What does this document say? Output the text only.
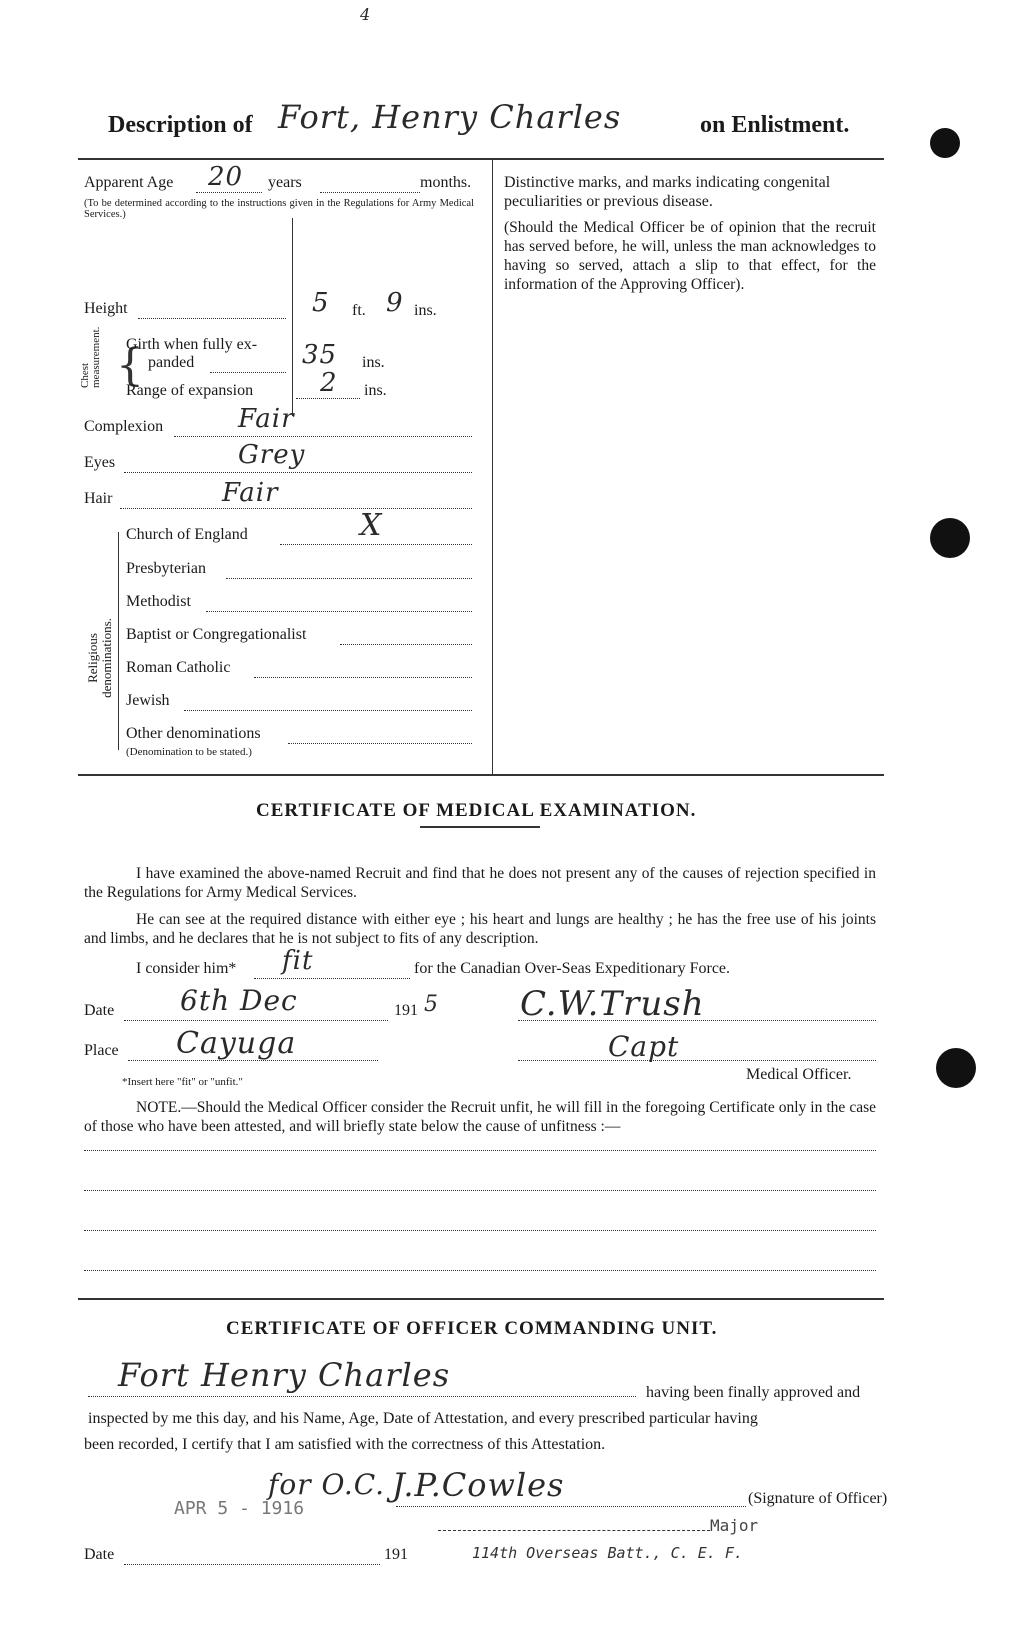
4
Description of Fort, Henry Charles	on Enlistment.
Apparent Age 20 years	months.
(To be determined according to the instructions given in the Regulations for Army Medical Services.)
Height	5 ft. 9 ins.
Chest measurement. {
Girth when fully ex-
panded	35 ins.
Range of expansion	2 ins.
Complexion	Fair
Eyes	Grey
Hair	Fair
Religious denominations.
Church of England	X
Presbyterian
Methodist
Baptist or Congregationalist
Roman Catholic
Jewish
Other denominations
(Denomination to be stated.)
Distinctive marks, and marks indicating congenital
peculiarities or previous disease.
(Should the Medical Officer be of opinion that the recruit has served before, he will, unless the man acknowledges to having so served, attach a slip to that effect, for the information of the Approving Officer).
CERTIFICATE OF MEDICAL EXAMINATION.
I have examined the above-named Recruit and find that he does not present any of the causes of rejection specified in the Regulations for Army Medical Services.
He can see at the required distance with either eye ; his heart and lungs are healthy ; he has the free use of his joints and limbs, and he declares that he is not subject to fits of any description.
I consider him* fit	for the Canadian Over-Seas Expeditionary Force.
Date 6th Dec	191 5 C.W.Trush
Place Cayuga	Capt
Medical Officer.
*Insert here "fit" or "unfit."
NOTE.—Should the Medical Officer consider the Recruit unfit, he will fill in the foregoing Certificate only in the case of those who have been attested, and will briefly state below the cause of unfitness :—
CERTIFICATE OF OFFICER COMMANDING UNIT.
Fort Henry Charles	having been finally approved and
inspected by me this day, and his Name, Age, Date of Attestation, and every prescribed particular having
been recorded, I certify that I am satisfied with the correctness of this Attestation.
for O.C. J.P.Cowles	(Signature of Officer)
APR 5 - 1916
Major
Date	191	114th Overseas Batt., C. E. F.
